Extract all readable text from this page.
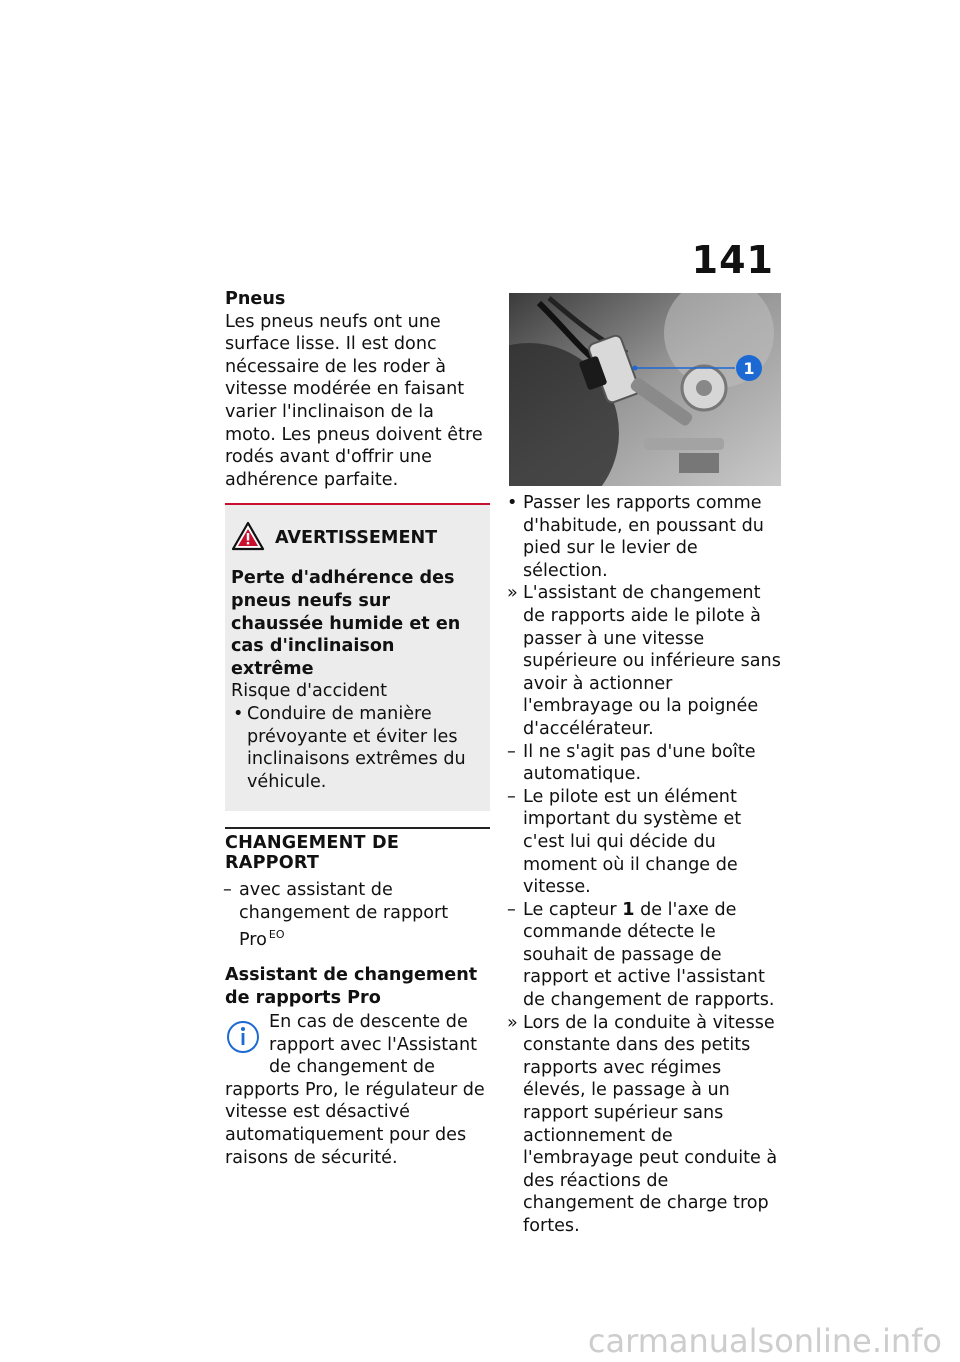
141

Pneus

Les pneus neufs ont une surface lisse. Il est donc nécessaire de les roder à vitesse modérée en faisant varier l'inclinaison de la moto. Les pneus doivent être rodés avant d'offrir une adhérence parfaite.

AVERTISSEMENT

Perte d'adhérence des pneus neufs sur chaussée humide et en cas d'inclinaison extrême

Risque d'accident

• Conduire de manière prévoyante et éviter les inclinaisons extrêmes du véhicule.
CHANGEMENT DE RAPPORT
– avec assistant de changement de rapport Pro $^{EO}$

Assistant de changement de rapports Pro

En cas de descente de rapport avec l'Assistant de changement de rapports Pro, le régulateur de vitesse est désactivé automatiquement pour des raisons de sécurité.
1
• Passer les rapports comme d'habitude, en poussant du pied sur le levier de sélection.
» L'assistant de changement de rapports aide le pilote à passer à une vitesse supérieure ou inférieure sans avoir à actionner l'embrayage ou la poignée d'accélérateur.
– Il ne s'agit pas d'une boîte automatique.
– Le pilote est un élément important du système et c'est lui qui décide du moment où il change de vitesse.
– Le capteur 1 de l'axe de commande détecte le souhait de passage de rapport et active l'assistant de changement de rapports.
» Lors de la conduite à vitesse constante dans des petits rapports avec régimes élevés, le passage à un rapport supérieur sans actionnement de l'embrayage peut conduite à des réactions de changement de charge trop fortes.
carmanualsonline.info
